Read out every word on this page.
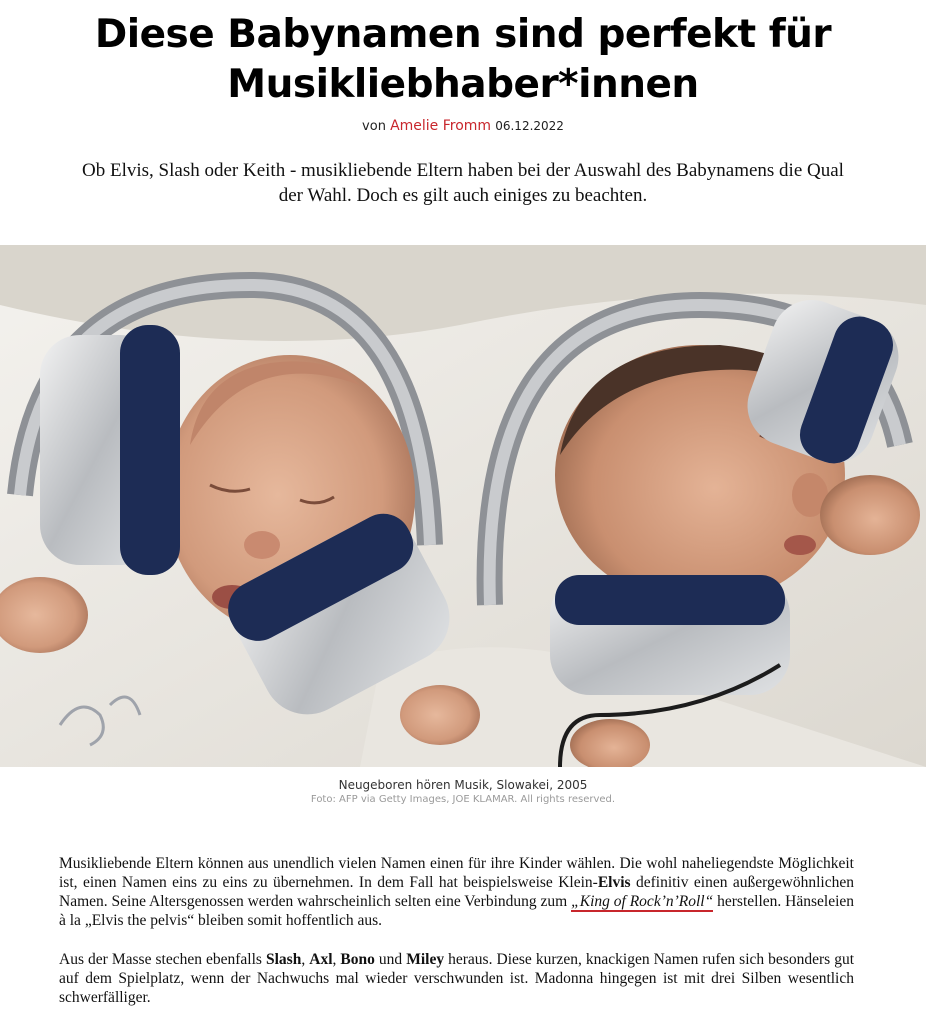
Diese Babynamen sind perfekt für Musikliebhaber*innen
von Amelie Fromm 06.12.2022

Ob Elvis, Slash oder Keith - musikliebende Eltern haben bei der Auswahl des Babynamens die Qual der Wahl. Doch es gilt auch einiges zu beachten.

Neugeboren hören Musik, Slowakei, 2005
Foto: AFP via Getty Images, JOE KLAMAR. All rights reserved.

Musikliebende Eltern können aus unendlich vielen Namen einen für ihre Kinder wählen. Die wohl naheliegendste Möglichkeit ist, einen Namen eins zu eins zu übernehmen. In dem Fall hat beispielsweise Klein-Elvis definitiv einen außergewöhnlichen Namen. Seine Altersgenossen werden wahrscheinlich selten eine Verbindung zum „King of Rock’n’Roll“ herstellen. Hänseleien à la „Elvis the pelvis“ bleiben somit hoffentlich aus.

Aus der Masse stechen ebenfalls Slash, Axl, Bono und Miley heraus. Diese kurzen, knackigen Namen rufen sich besonders gut auf dem Spielplatz, wenn der Nachwuchs mal wieder verschwunden ist. Madonna hingegen ist mit drei Silben wesentlich schwerfälliger.
